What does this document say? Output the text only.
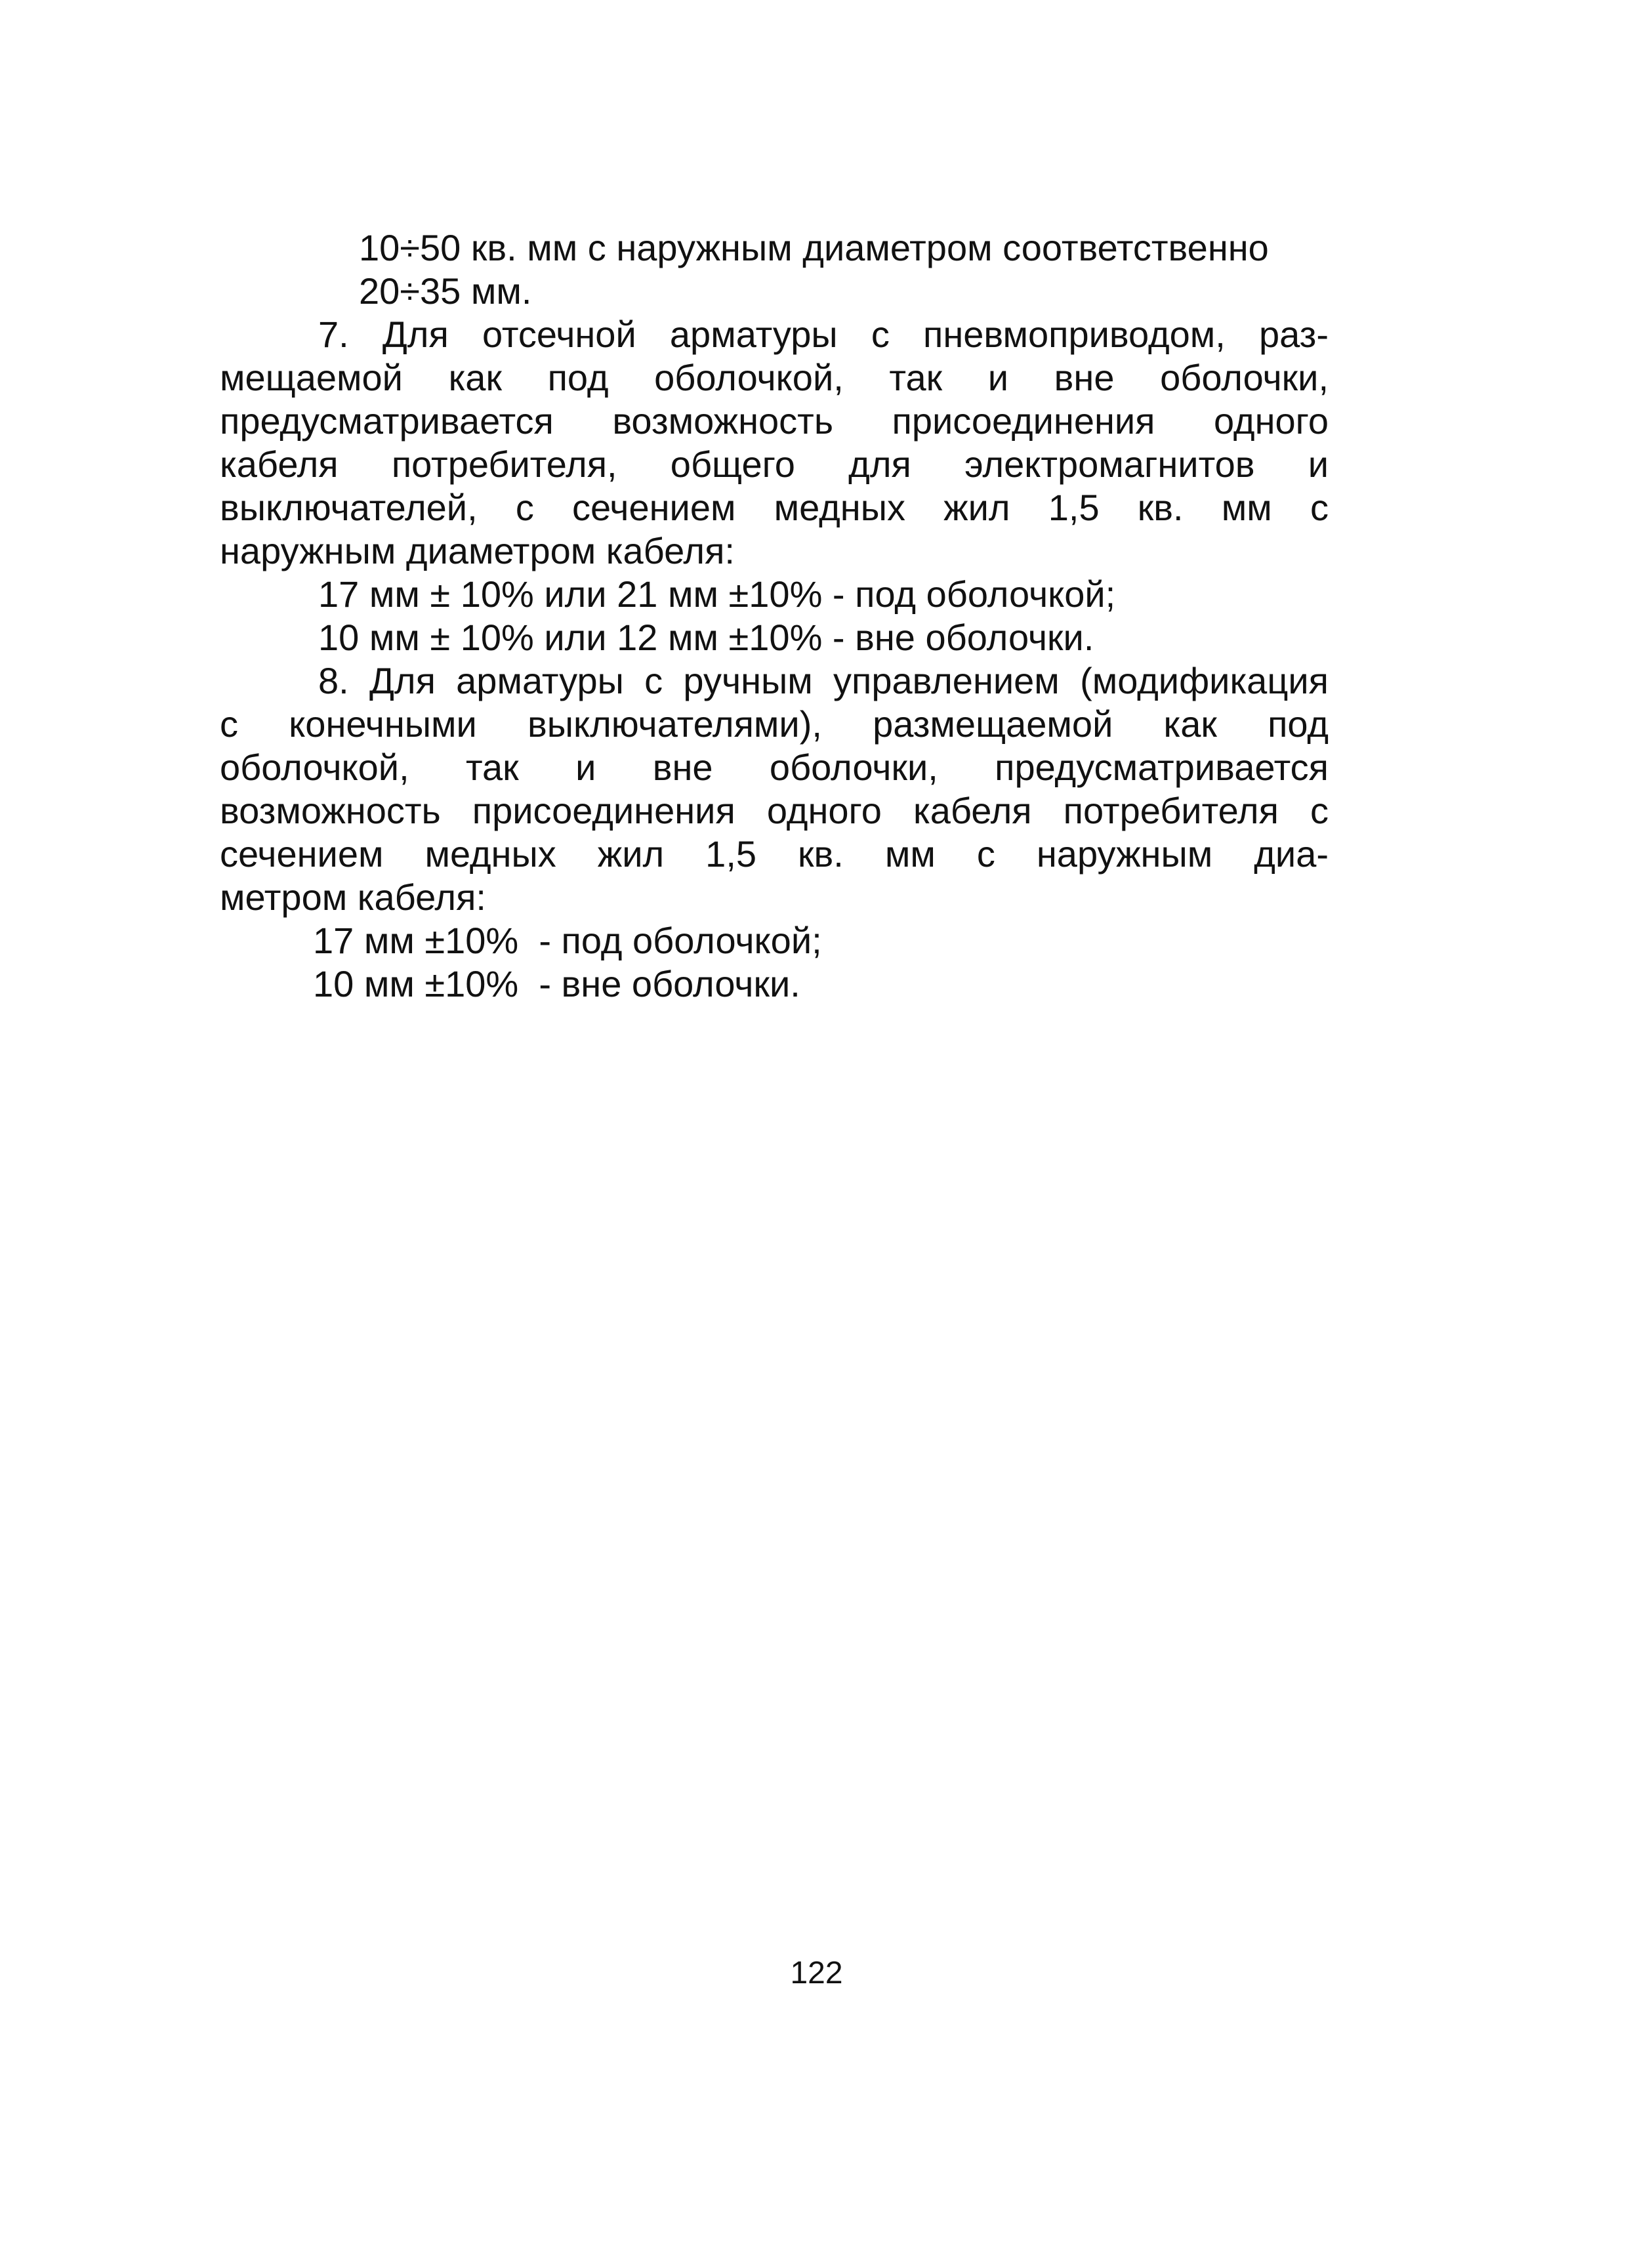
10÷50 кв. мм с наружным диаметром соответственно
20÷35 мм.
7. Для отсечной арматуры с пневмоприводом, раз-
мещаемой как под оболочкой, так и вне оболочки,
предусматривается возможность присоединения одного
кабеля потребителя, общего для электромагнитов и
выключателей, с сечением медных жил 1,5 кв. мм с
наружным диаметром кабеля:
17 мм ± 10% или 21 мм ±10% - под оболочкой;
10 мм ± 10% или 12 мм ±10% - вне оболочки.
8. Для арматуры с ручным управлением (модификация
с конечными выключателями), размещаемой как под
оболочкой, так и вне оболочки, предусматривается
возможность присоединения одного кабеля потребителя с
сечением медных жил 1,5 кв. мм с наружным диа-
метром кабеля:
17 мм ±10%  - под оболочкой;
10 мм ±10%  - вне оболочки.
122
